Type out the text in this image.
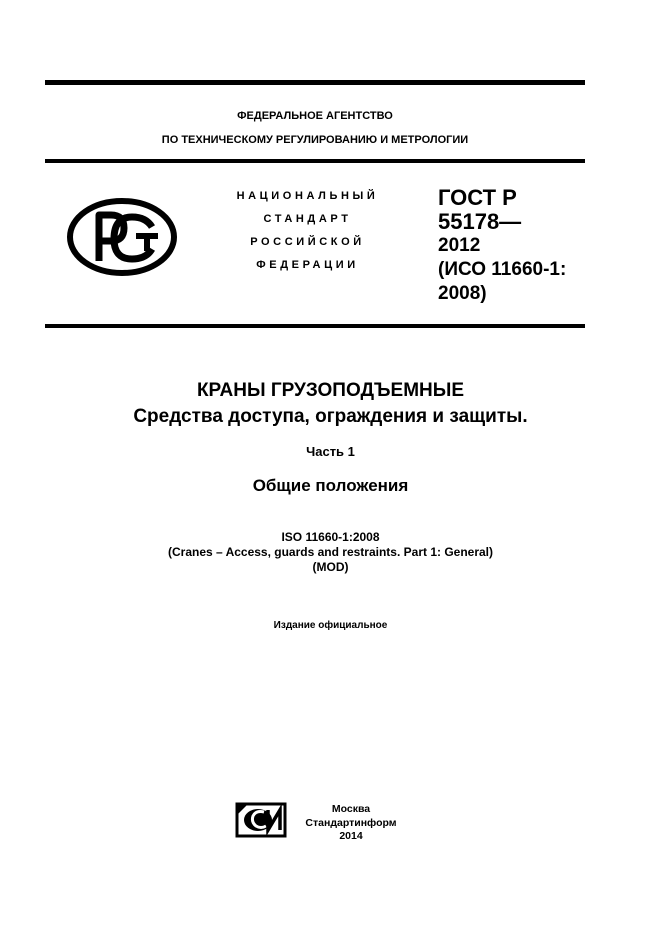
ФЕДЕРАЛЬНОЕ АГЕНТСТВО
ПО ТЕХНИЧЕСКОМУ РЕГУЛИРОВАНИЮ И МЕТРОЛОГИИ
НАЦИОНАЛЬНЫЙ
СТАНДАРТ
РОССИЙСКОЙ
ФЕДЕРАЦИИ
ГОСТ Р
55178—
2012
(ИСО 11660-1:
2008)
КРАНЫ ГРУЗОПОДЪЕМНЫЕ
Средства доступа, ограждения и защиты.
Часть 1
Общие положения
ISO 11660-1:2008
(Cranes – Access, guards and restraints. Part 1: General)
(MOD)
Издание официальное
Москва
Стандартинформ
2014
